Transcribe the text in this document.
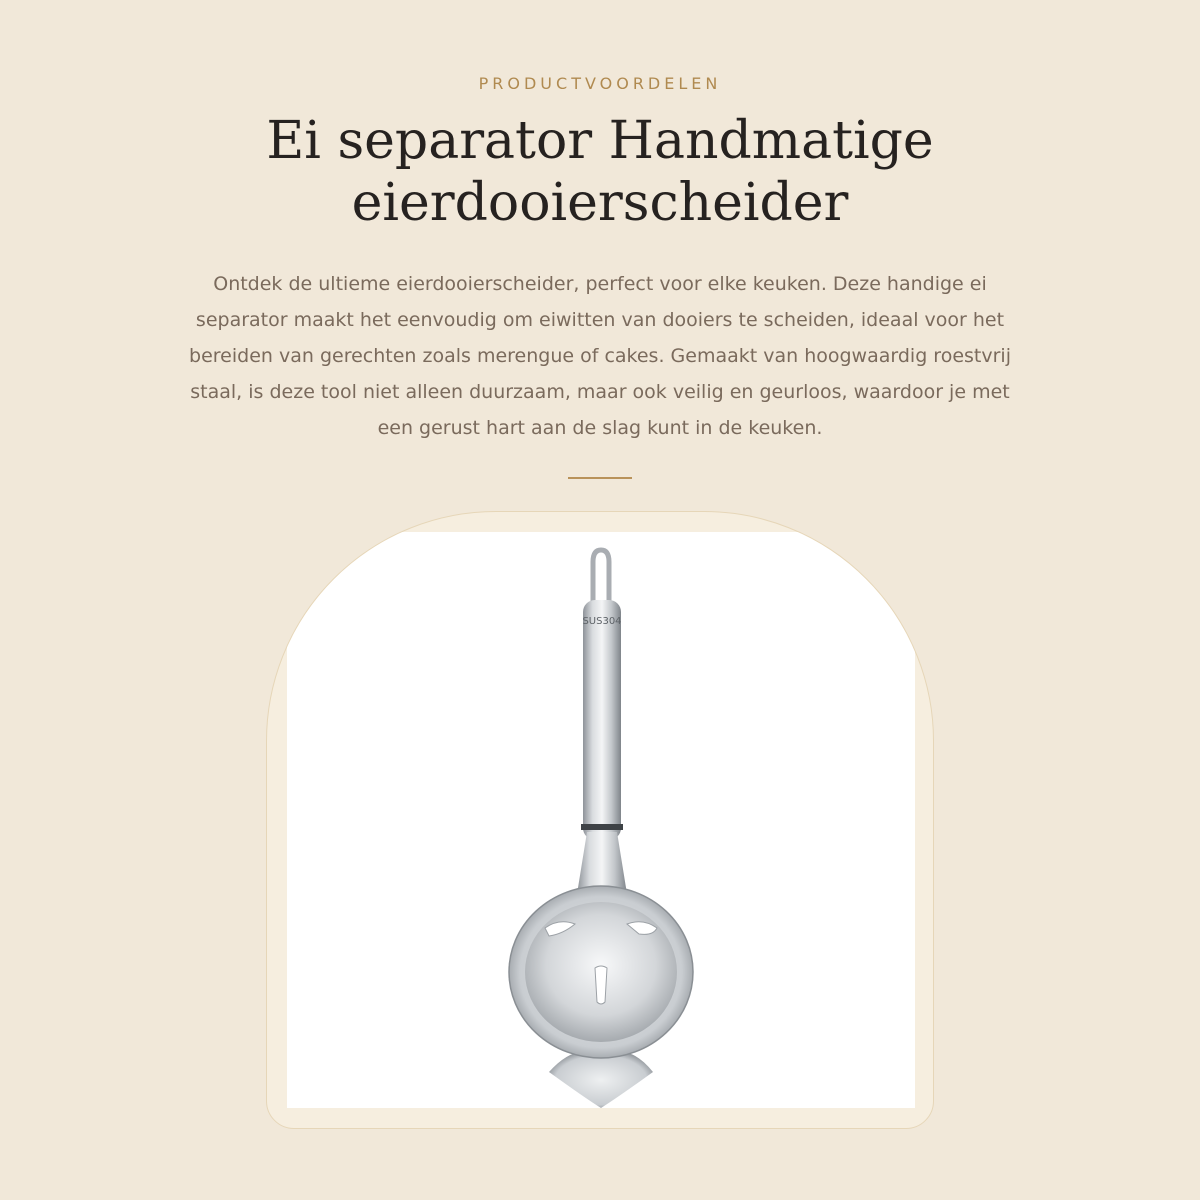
PRODUCTVOORDELEN
Ei separator Handmatige
eierdooierscheider

Ontdek de ultieme eierdooierscheider, perfect voor elke keuken. Deze handige ei separator maakt het eenvoudig om eiwitten van dooiers te scheiden, ideaal voor het bereiden van gerechten zoals merengue of cakes. Gemaakt van hoogwaardig roestvrij staal, is deze tool niet alleen duurzaam, maar ook veilig en geurloos, waardoor je met een gerust hart aan de slag kunt in de keuken.

SUS304
